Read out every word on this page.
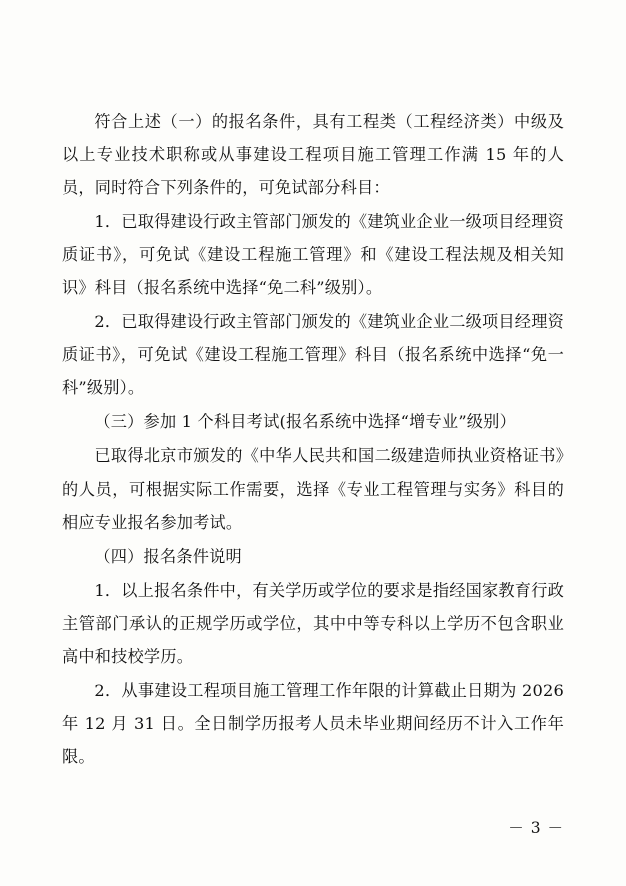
符合上述（一）的报名条件，具有工程类（工程经济类）中级及以上专业技术职称或从事建设工程项目施工管理工作满 15 年的人员，同时符合下列条件的，可免试部分科目：

1．已取得建设行政主管部门颁发的《建筑业企业一级项目经理资质证书》，可免试《建设工程施工管理》和《建设工程法规及相关知识》科目（报名系统中选择“免二科”级别）。

2．已取得建设行政主管部门颁发的《建筑业企业二级项目经理资质证书》，可免试《建设工程施工管理》科目（报名系统中选择“免一科”级别）。

（三）参加 1 个科目考试(报名系统中选择“增专业”级别）

已取得北京市颁发的《中华人民共和国二级建造师执业资格证书》的人员，可根据实际工作需要，选择《专业工程管理与实务》科目的相应专业报名参加考试。

（四）报名条件说明

1．以上报名条件中，有关学历或学位的要求是指经国家教育行政主管部门承认的正规学历或学位，其中中等专科以上学历不包含职业高中和技校学历。

2．从事建设工程项目施工管理工作年限的计算截止日期为 2026 年 12 月 31 日。全日制学历报考人员未毕业期间经历不计入工作年限。

－ 3 －
